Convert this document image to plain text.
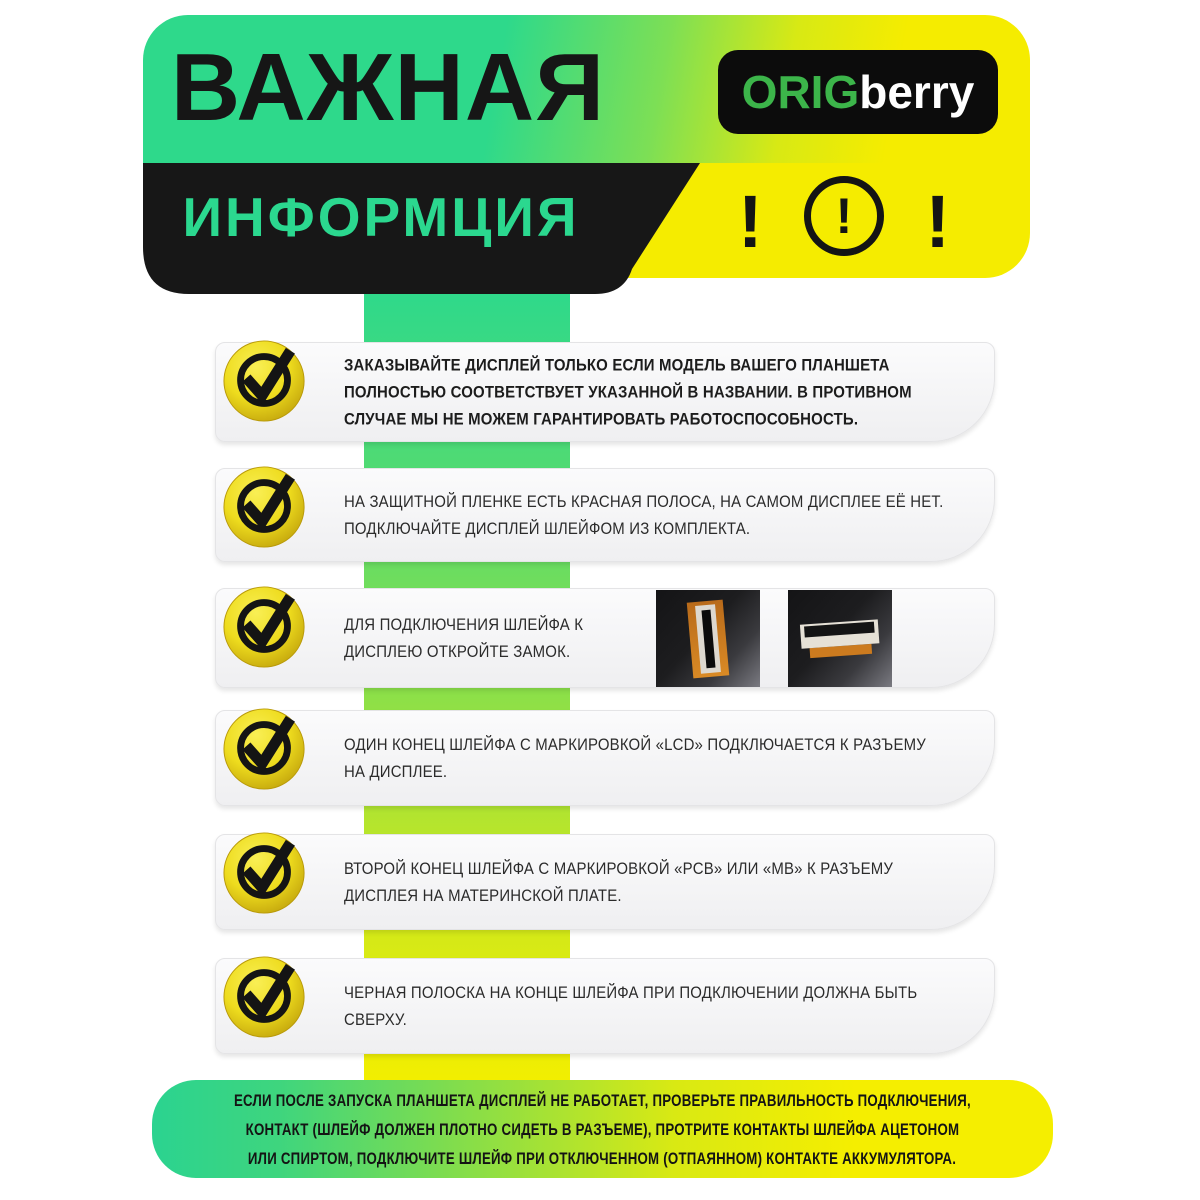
ВАЖНАЯ
ИНФОРМЦИЯ
ORIG berry
! ! !
ЗАКАЗЫВАЙТЕ ДИСПЛЕЙ ТОЛЬКО ЕСЛИ МОДЕЛЬ ВАШЕГО ПЛАНШЕТА
ПОЛНОСТЬЮ СООТВЕТСТВУЕТ УКАЗАННОЙ В НАЗВАНИИ. В ПРОТИВНОМ
СЛУЧАЕ МЫ НЕ МОЖЕМ ГАРАНТИРОВАТЬ РАБОТОСПОСОБНОСТЬ.
НА ЗАЩИТНОЙ ПЛЕНКЕ ЕСТЬ КРАСНАЯ ПОЛОСА, НА САМОМ ДИСПЛЕЕ ЕЁ НЕТ.
ПОДКЛЮЧАЙТЕ ДИСПЛЕЙ ШЛЕЙФОМ ИЗ КОМПЛЕКТА.
ДЛЯ ПОДКЛЮЧЕНИЯ ШЛЕЙФА К
ДИСПЛЕЮ ОТКРОЙТЕ ЗАМОК.
ОДИН КОНЕЦ ШЛЕЙФА С МАРКИРОВКОЙ «LCD» ПОДКЛЮЧАЕТСЯ К РАЗЪЕМУ
НА ДИСПЛЕЕ.
ВТОРОЙ КОНЕЦ ШЛЕЙФА С МАРКИРОВКОЙ «PCB» ИЛИ «MB» К РАЗЪЕМУ
ДИСПЛЕЯ НА МАТЕРИНСКОЙ ПЛАТЕ.
ЧЕРНАЯ ПОЛОСКА НА КОНЦЕ ШЛЕЙФА ПРИ ПОДКЛЮЧЕНИИ ДОЛЖНА БЫТЬ
СВЕРХУ.
ЕСЛИ ПОСЛЕ ЗАПУСКА ПЛАНШЕТА ДИСПЛЕЙ НЕ РАБОТАЕТ, ПРОВЕРЬТЕ ПРАВИЛЬНОСТЬ ПОДКЛЮЧЕНИЯ,
КОНТАКТ (ШЛЕЙФ ДОЛЖЕН ПЛОТНО СИДЕТЬ В РАЗЪЕМЕ), ПРОТРИТЕ КОНТАКТЫ ШЛЕЙФА АЦЕТОНОМ
ИЛИ СПИРТОМ, ПОДКЛЮЧИТЕ ШЛЕЙФ ПРИ ОТКЛЮЧЕННОМ (ОТПАЯННОМ) КОНТАКТЕ АККУМУЛЯТОРА.
